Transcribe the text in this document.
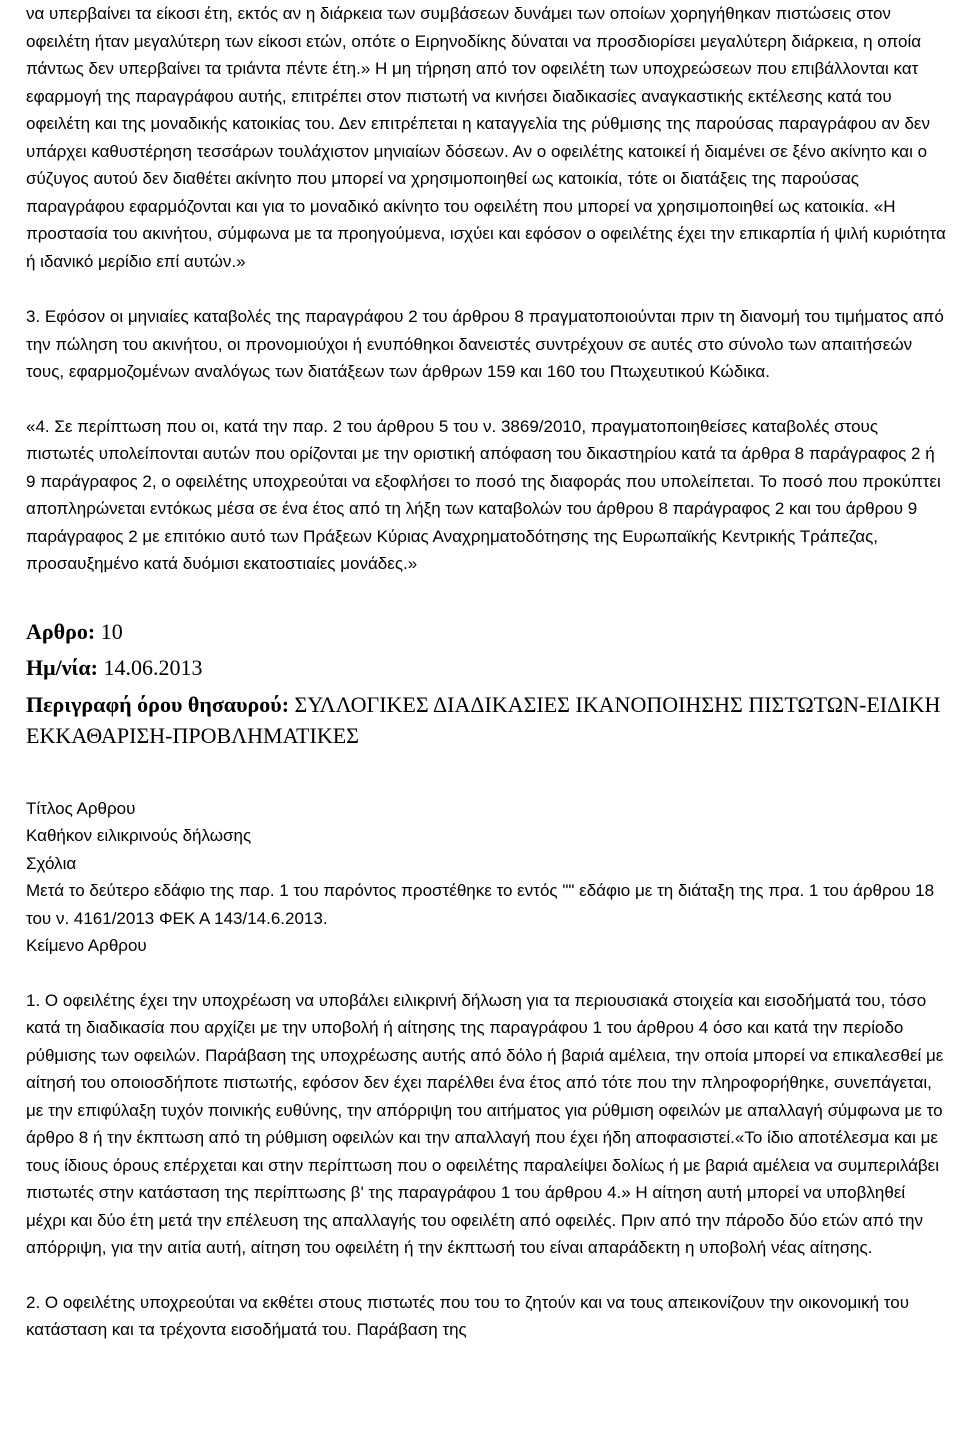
να υπερβαίνει τα είκοσι έτη, εκτός αν η διάρκεια των συμβάσεων δυνάμει των οποίων χορηγήθηκαν πιστώσεις στον οφειλέτη ήταν μεγαλύτερη των είκοσι ετών, οπότε ο Ειρηνοδίκης δύναται να προσδιορίσει μεγαλύτερη διάρκεια, η οποία πάντως δεν υπερβαίνει τα τριάντα πέντε έτη.» Η μη τήρηση από τον οφειλέτη των υποχρεώσεων που επιβάλλονται κατ εφαρμογή της παραγράφου αυτής, επιτρέπει στον πιστωτή να κινήσει διαδικασίες αναγκαστικής εκτέλεσης κατά του οφειλέτη και της μοναδικής κατοικίας του. Δεν επιτρέπεται η καταγγελία της ρύθμισης της παρούσας παραγράφου αν δεν υπάρχει καθυστέρηση τεσσάρων τουλάχιστον μηνιαίων δόσεων. Αν ο οφειλέτης κατοικεί ή διαμένει σε ξένο ακίνητο και ο σύζυγος αυτού δεν διαθέτει ακίνητο που μπορεί να χρησιμοποιηθεί ως κατοικία, τότε οι διατάξεις της παρούσας παραγράφου εφαρμόζονται και για το μοναδικό ακίνητο του οφειλέτη που μπορεί να χρησιμοποιηθεί ως κατοικία. «Η προστασία του ακινήτου, σύμφωνα με τα προηγούμενα, ισχύει και εφόσον ο οφειλέτης έχει την επικαρπία ή ψιλή κυριότητα ή ιδανικό μερίδιο επί αυτών.»

3. Εφόσον οι μηνιαίες καταβολές της παραγράφου 2 του άρθρου 8 πραγματοποιούνται πριν τη διανομή του τιμήματος από την πώληση του ακινήτου, οι προνομιούχοι ή ενυπόθηκοι δανειστές συντρέχουν σε αυτές στο σύνολο των απαιτήσεών τους, εφαρμοζομένων αναλόγως των διατάξεων των άρθρων 159 και 160 του Πτωχευτικού Κώδικα.

«4. Σε περίπτωση που οι, κατά την παρ. 2 του άρθρου 5 του ν. 3869/2010, πραγματοποιηθείσες καταβολές στους πιστωτές υπολείπονται αυτών που ορίζονται με την οριστική απόφαση του δικαστηρίου κατά τα άρθρα 8 παράγραφος 2 ή 9 παράγραφος 2, ο οφειλέτης υποχρεούται να εξοφλήσει το ποσό της διαφοράς που υπολείπεται. Το ποσό που προκύπτει αποπληρώνεται εντόκως μέσα σε ένα έτος από τη λήξη των καταβολών του άρθρου 8 παράγραφος 2 και του άρθρου 9 παράγραφος 2 με επιτόκιο αυτό των Πράξεων Κύριας Αναχρηματοδότησης της Ευρωπαϊκής Κεντρικής Τράπεζας, προσαυξημένο κατά δυόμισι εκατοστιαίες μονάδες.»

Αρθρο: 10
Ημ/νία: 14.06.2013
Περιγραφή όρου θησαυρού: ΣΥΛΛΟΓΙΚΕΣ ΔΙΑΔΙΚΑΣΙΕΣ ΙΚΑΝΟΠΟΙΗΣΗΣ ΠΙΣΤΩΤΩΝ-ΕΙΔΙΚΗ ΕΚΚΑΘΑΡΙΣΗ-ΠΡΟΒΛΗΜΑΤΙΚΕΣ

Τίτλος Αρθρου

Καθήκον ειλικρινούς δήλωσης

Σχόλια

Μετά το δεύτερο εδάφιο της παρ. 1 του παρόντος προστέθηκε το εντός "" εδάφιο με τη διάταξη της πρα. 1 του άρθρου 18 του ν. 4161/2013 ΦΕΚ Α 143/14.6.2013.

Κείμενο Αρθρου

1. Ο οφειλέτης έχει την υποχρέωση να υποβάλει ειλικρινή δήλωση για τα περιουσιακά στοιχεία και εισοδήματά του, τόσο κατά τη διαδικασία που αρχίζει με την υποβολή ή αίτησης της παραγράφου 1 του άρθρου 4 όσο και κατά την περίοδο ρύθμισης των οφειλών. Παράβαση της υποχρέωσης αυτής από δόλο ή βαριά αμέλεια, την οποία μπορεί να επικαλεσθεί με αίτησή του οποιοσδήποτε πιστωτής, εφόσον δεν έχει παρέλθει ένα έτος από τότε που την πληροφορήθηκε, συνεπάγεται, με την επιφύλαξη τυχόν ποινικής ευθύνης, την απόρριψη του αιτήματος για ρύθμιση οφειλών με απαλλαγή σύμφωνα με το άρθρο 8 ή την έκπτωση από τη ρύθμιση οφειλών και την απαλλαγή που έχει ήδη αποφασιστεί.«Το ίδιο αποτέλεσμα και με τους ίδιους όρους επέρχεται και στην περίπτωση που ο οφειλέτης παραλείψει δολίως ή με βαριά αμέλεια να συμπεριλάβει πιστωτές στην κατάσταση της περίπτωσης β' της παραγράφου 1 του άρθρου 4.» Η αίτηση αυτή μπορεί να υποβληθεί μέχρι και δύο έτη μετά την επέλευση της απαλλαγής του οφειλέτη από οφειλές. Πριν από την πάροδο δύο ετών από την απόρριψη, για την αιτία αυτή, αίτηση του οφειλέτη ή την έκπτωσή του είναι απαράδεκτη η υποβολή νέας αίτησης.

2. Ο οφειλέτης υποχρεούται να εκθέτει στους πιστωτές που του το ζητούν και να τους απεικονίζουν την οικονομική του κατάσταση και τα τρέχοντα εισοδήματά του. Παράβαση της
